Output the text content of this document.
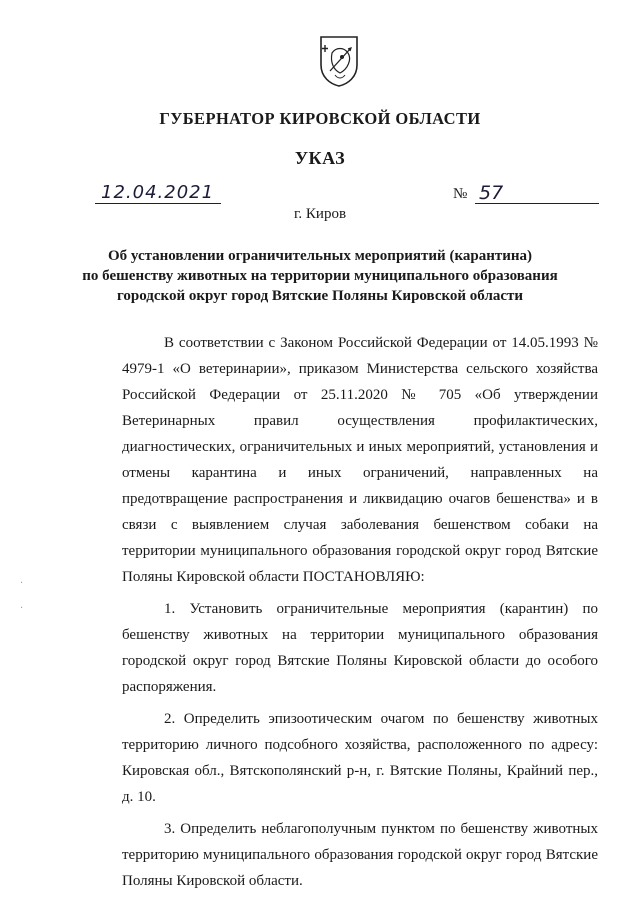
ГУБЕРНАТОР КИРОВСКОЙ ОБЛАСТИ
УКАЗ
12.04.2021	№ 57
г. Киров
Об установлении ограничительных мероприятий (карантина)
по бешенству животных на территории муниципального образования
городской округ город Вятские Поляны Кировской области

В соответствии с Законом Российской Федерации от 14.05.1993 № 4979-1 «О ветеринарии», приказом Министерства сельского хозяйства Российской Федерации от 25.11.2020 № 705 «Об утверждении Ветеринарных правил осуществления профилактических, диагностических, ограничительных и иных мероприятий, установления и отмены карантина и иных ограничений, направленных на предотвращение распространения и ликвидацию очагов бешенства» и в связи с выявлением случая заболевания бешенством собаки на территории муниципального образования городской округ город Вятские Поляны Кировской области ПОСТАНОВЛЯЮ:

1. Установить ограничительные мероприятия (карантин) по бешенству животных на территории муниципального образования городской округ город Вятские Поляны Кировской области до особого распоряжения.

2. Определить эпизоотическим очагом по бешенству животных территорию личного подсобного хозяйства, расположенного по адресу: Кировская обл., Вятскополянский р-н, г. Вятские Поляны, Крайний пер., д. 10.

3. Определить неблагополучным пунктом по бешенству животных территорию муниципального образования городской округ город Вятские Поляны Кировской области.

·
·
